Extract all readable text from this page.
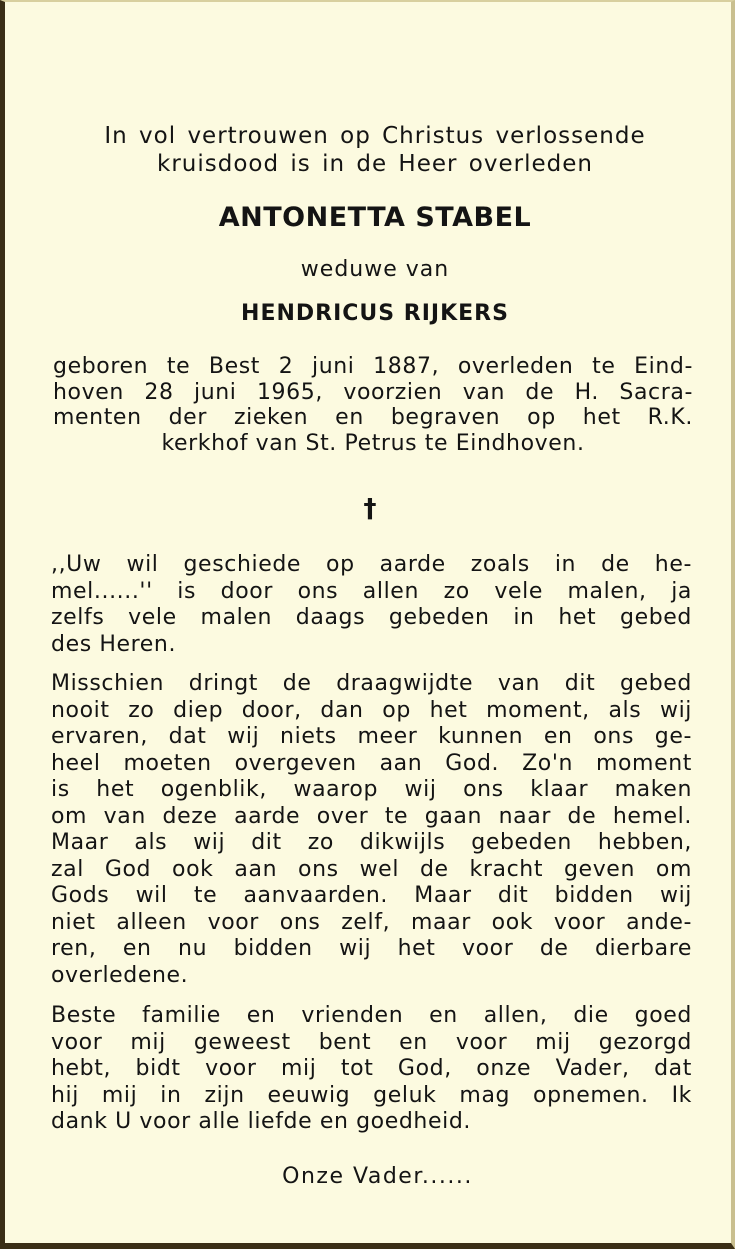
In vol vertrouwen op Christus verlossende
kruisdood is in de Heer overleden
ANTONETTA STABEL
weduwe van
HENDRICUS RIJKERS
geboren te Best 2 juni 1887, overleden te Eind-
hoven 28 juni 1965, voorzien van de H. Sacra-
menten der zieken en begraven op het R.K.
kerkhof van St. Petrus te Eindhoven.
†
,,Uw wil geschiede op aarde zoals in de he-
mel......'' is door ons allen zo vele malen, ja
zelfs vele malen daags gebeden in het gebed
des Heren.
Misschien dringt de draagwijdte van dit gebed
nooit zo diep door, dan op het moment, als wij
ervaren, dat wij niets meer kunnen en ons ge-
heel moeten overgeven aan God. Zo'n moment
is het ogenblik, waarop wij ons klaar maken
om van deze aarde over te gaan naar de hemel.
Maar als wij dit zo dikwijls gebeden hebben,
zal God ook aan ons wel de kracht geven om
Gods wil te aanvaarden. Maar dit bidden wij
niet alleen voor ons zelf, maar ook voor ande-
ren, en nu bidden wij het voor de dierbare
overledene.
Beste familie en vrienden en allen, die goed
voor mij geweest bent en voor mij gezorgd
hebt, bidt voor mij tot God, onze Vader, dat
hij mij in zijn eeuwig geluk mag opnemen. Ik
dank U voor alle liefde en goedheid.
Onze Vader......
